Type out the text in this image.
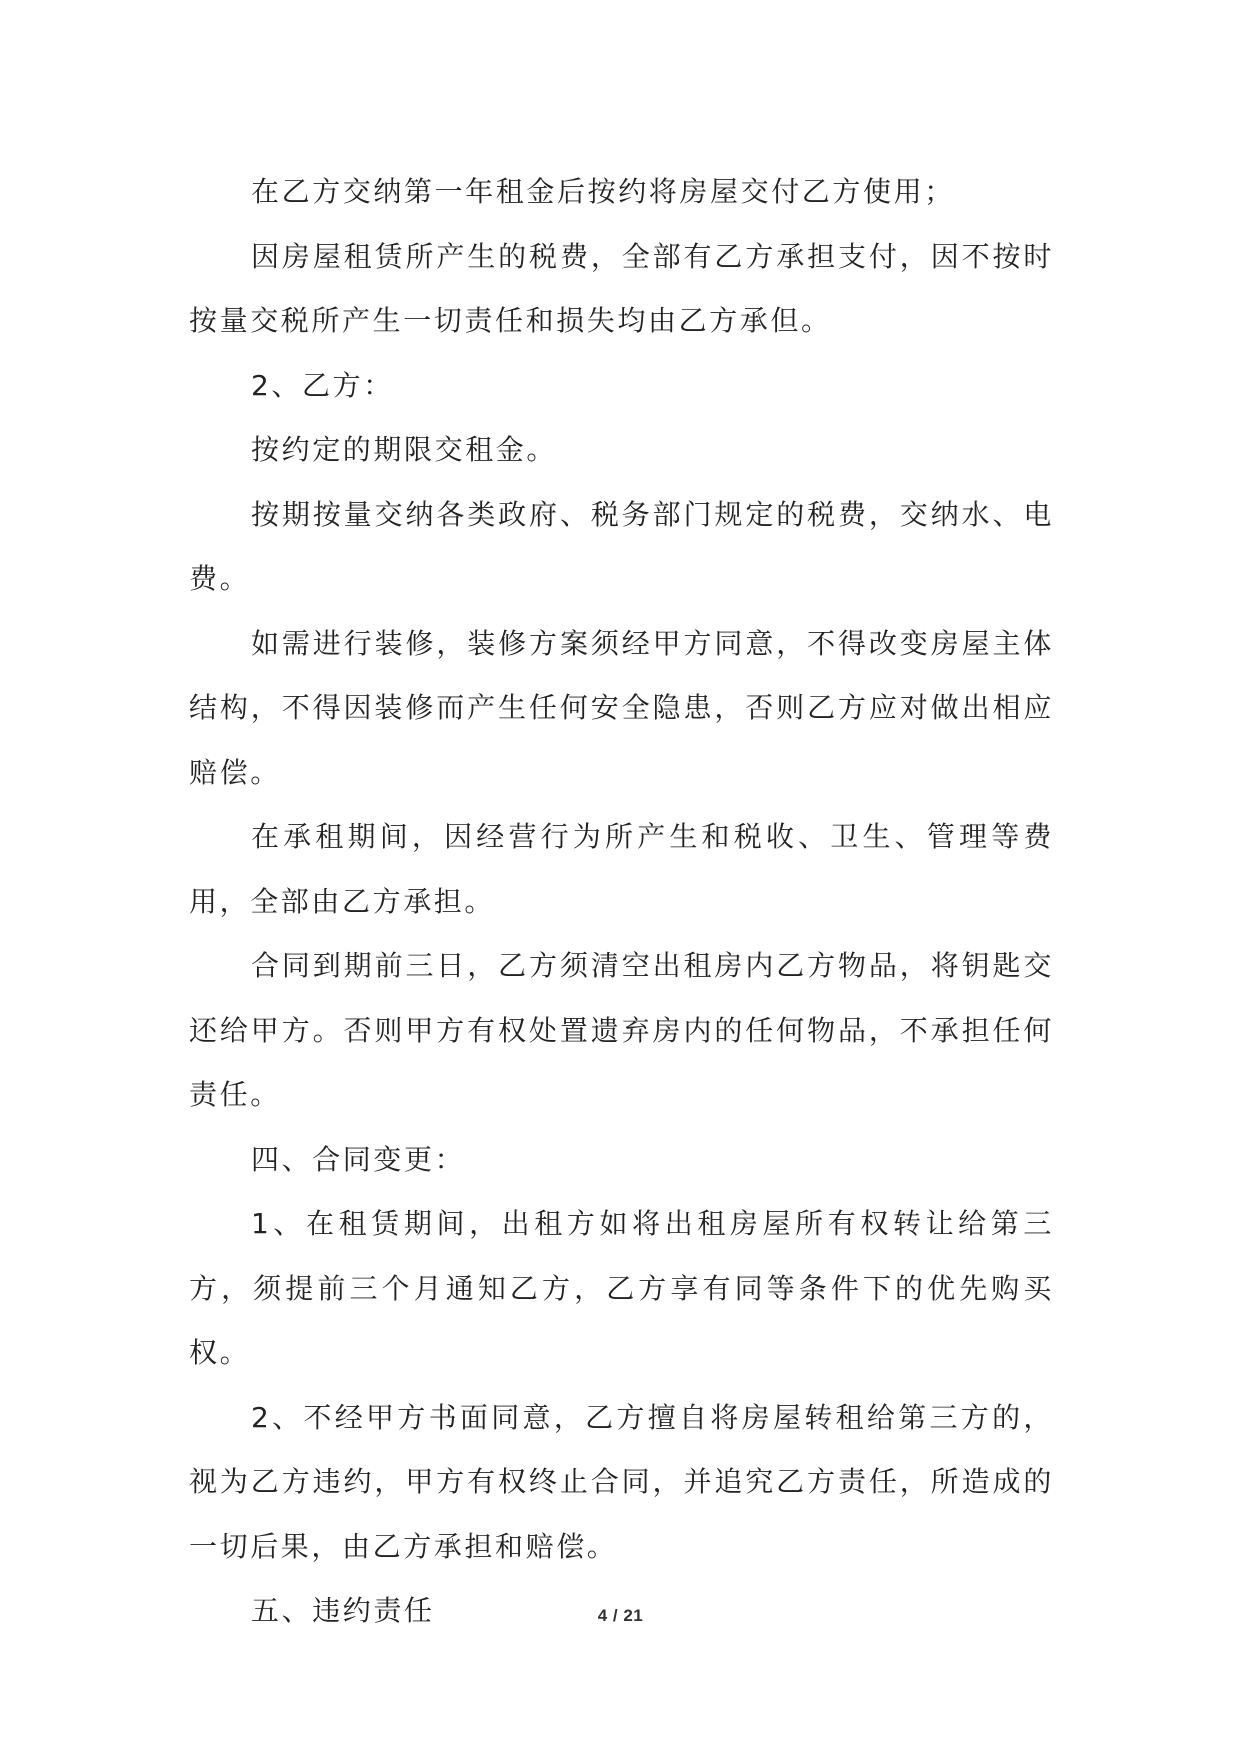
在乙方交纳第一年租金后按约将房屋交付乙方使用；

因房屋租赁所产生的税费，全部有乙方承担支付，因不按时按量交税所产生一切责任和损失均由乙方承但。

2、乙方：

按约定的期限交租金。

按期按量交纳各类政府、税务部门规定的税费，交纳水、电费。

如需进行装修，装修方案须经甲方同意，不得改变房屋主体结构，不得因装修而产生任何安全隐患，否则乙方应对做出相应赔偿。

在承租期间，因经营行为所产生和税收、卫生、管理等费用，全部由乙方承担。

合同到期前三日，乙方须清空出租房内乙方物品，将钥匙交还给甲方。否则甲方有权处置遗弃房内的任何物品，不承担任何责任。

四、合同变更：

1、在租赁期间，出租方如将出租房屋所有权转让给第三方，须提前三个月通知乙方，乙方享有同等条件下的优先购买权。

2、不经甲方书面同意，乙方擅自将房屋转租给第三方的，视为乙方违约，甲方有权终止合同，并追究乙方责任，所造成的一切后果，由乙方承担和赔偿。

五、违约责任	4 / 21
